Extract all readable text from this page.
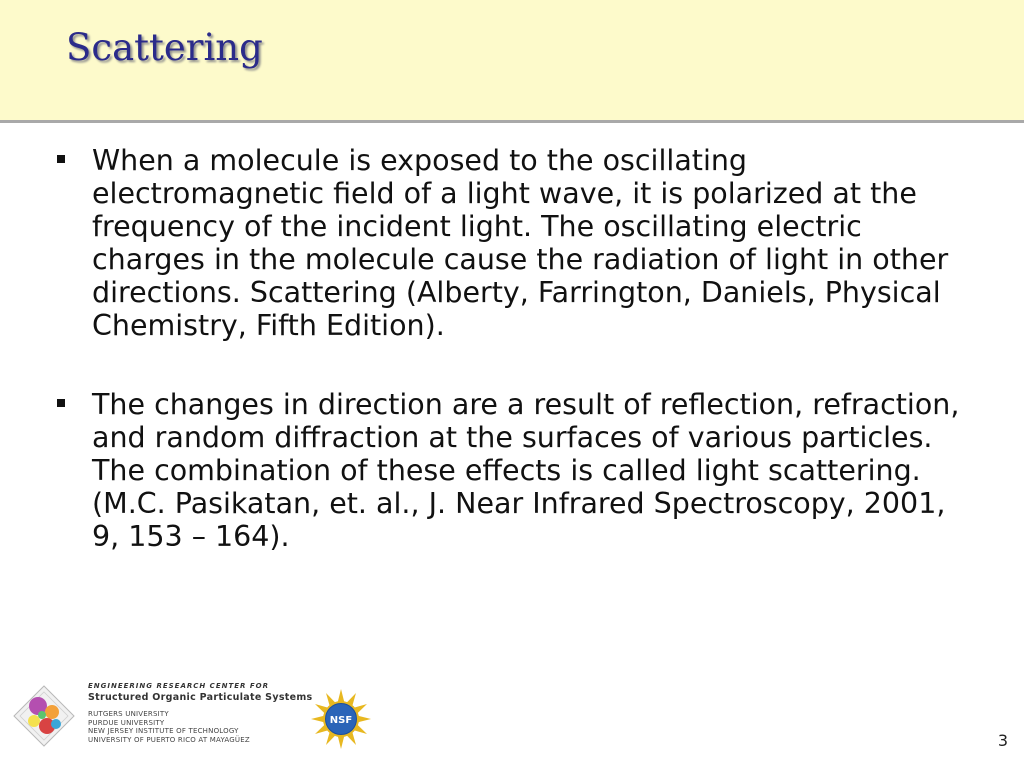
Scattering
When a molecule is exposed to the oscillating electromagnetic field of a light wave, it is polarized at the frequency of the incident light. The oscillating electric charges in the molecule cause the radiation of light in other directions. Scattering (Alberty, Farrington, Daniels, Physical Chemistry, Fifth Edition).
The changes in direction are a result of reflection, refraction, and random diffraction at the surfaces of various particles. The combination of these effects is called light scattering. (M.C. Pasikatan, et. al., J. Near Infrared Spectroscopy, 2001, 9, 153 – 164).
ENGINEERING RESEARCH CENTER FOR
Structured Organic Particulate Systems
RUTGERS UNIVERSITY
PURDUE UNIVERSITY
NEW JERSEY INSTITUTE OF TECHNOLOGY
UNIVERSITY OF PUERTO RICO AT MAYAGÜEZ
NSF
3
